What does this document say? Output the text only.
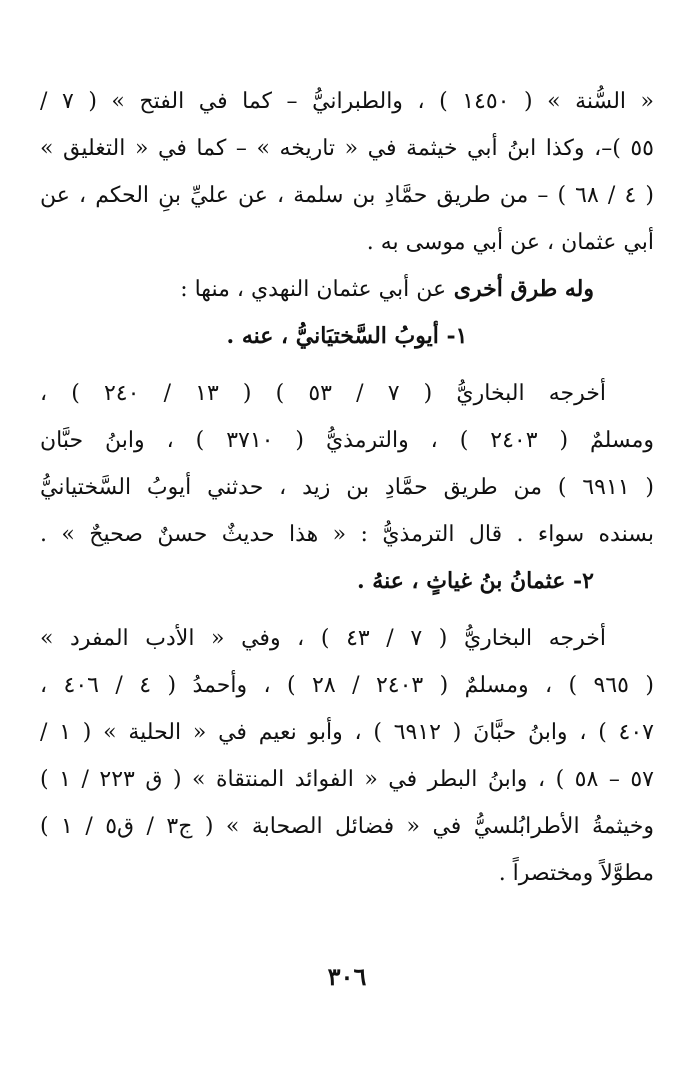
« السُّنة » ( ١٤٥٠ ) ، والطبرانيُّ – كما في الفتح » ( ٧ /
٥٥ )–، وكذا ابنُ أبي خيثمة في « تاريخه » – كما في « التغليق »
( ٤ / ٦٨ ) – من طريق حمَّادِ بن سلمة ، عن عليِّ بنِ الحكم ، عن
أبي عثمان ، عن أبي موسى به .
وله طرق أخرى عن أبي عثمان النهدي ، منها :
١- أيوبُ السَّختيَانيُّ ، عنه .
أخرجه البخاريُّ ( ٧ / ٥٣ ) ( ١٣ / ٢٤٠ ) ،
ومسلمٌ ( ٢٤٠٣ ) ، والترمذيُّ ( ٣٧١٠ ) ، وابنُ حبَّان
( ٦٩١١ ) من طريق حمَّادِ بن زيد ، حدثني أيوبُ السَّختيانيُّ
بسنده سواء . قال الترمذيُّ : « هذا حديثٌ حسنٌ صحيحٌ » .
٢- عثمانُ بنُ غياثٍ ، عنهُ .
أخرجه البخاريُّ ( ٧ / ٤٣ ) ، وفي « الأدب المفرد »
( ٩٦٥ ) ، ومسلمٌ ( ٢٤٠٣ / ٢٨ ) ، وأحمدُ ( ٤ / ٤٠٦ ،
٤٠٧ ) ، وابنُ حبَّانَ ( ٦٩١٢ ) ، وأبو نعيم في « الحلية » ( ١ /
٥٧ – ٥٨ ) ، وابنُ البطر في « الفوائد المنتقاة » ( ق ٢٢٣ / ١ )
وخيثمةُ الأطرابُلسيُّ في « فضائل الصحابة » ( ج٣ / ق٥ / ١ )
مطوَّلاً ومختصراً .
٣٠٦
